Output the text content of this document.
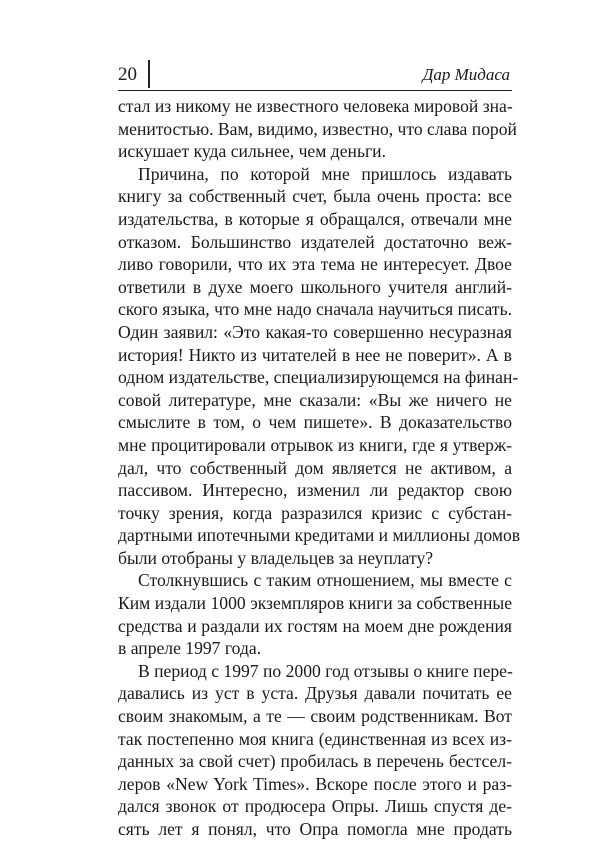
20	Дар Мидаса
стал из никому не известного человека мировой зна-
менитостью. Вам, видимо, известно, что слава порой
искушает куда сильнее, чем деньги.
Причина, по которой мне пришлось издавать
книгу за собственный счет, была очень проста: все
издательства, в которые я обращался, отвечали мне
отказом. Большинство издателей достаточно веж-
ливо говорили, что их эта тема не интересует. Двое
ответили в духе моего школьного учителя англий-
ского языка, что мне надо сначала научиться писать.
Один заявил: «Это какая-то совершенно несуразная
история! Никто из читателей в нее не поверит». А в
одном издательстве, специализирующемся на финан-
совой литературе, мне сказали: «Вы же ничего не
смыслите в том, о чем пишете». В доказательство
мне процитировали отрывок из книги, где я утверж-
дал, что собственный дом является не активом, а
пассивом. Интересно, изменил ли редактор свою
точку зрения, когда разразился кризис с субстан-
дартными ипотечными кредитами и миллионы домов
были отобраны у владельцев за неуплату?
Столкнувшись с таким отношением, мы вместе с
Ким издали 1000 экземпляров книги за собственные
средства и раздали их гостям на моем дне рождения
в апреле 1997 года.
В период с 1997 по 2000 год отзывы о книге пере-
давались из уст в уста. Друзья давали почитать ее
своим знакомым, а те — своим родственникам. Вот
так постепенно моя книга (единственная из всех из-
данных за свой счет) пробилась в перечень бестсел-
леров «New York Times». Вскоре после этого и раз-
дался звонок от продюсера Опры. Лишь спустя де-
сять лет я понял, что Опра помогла мне продать
